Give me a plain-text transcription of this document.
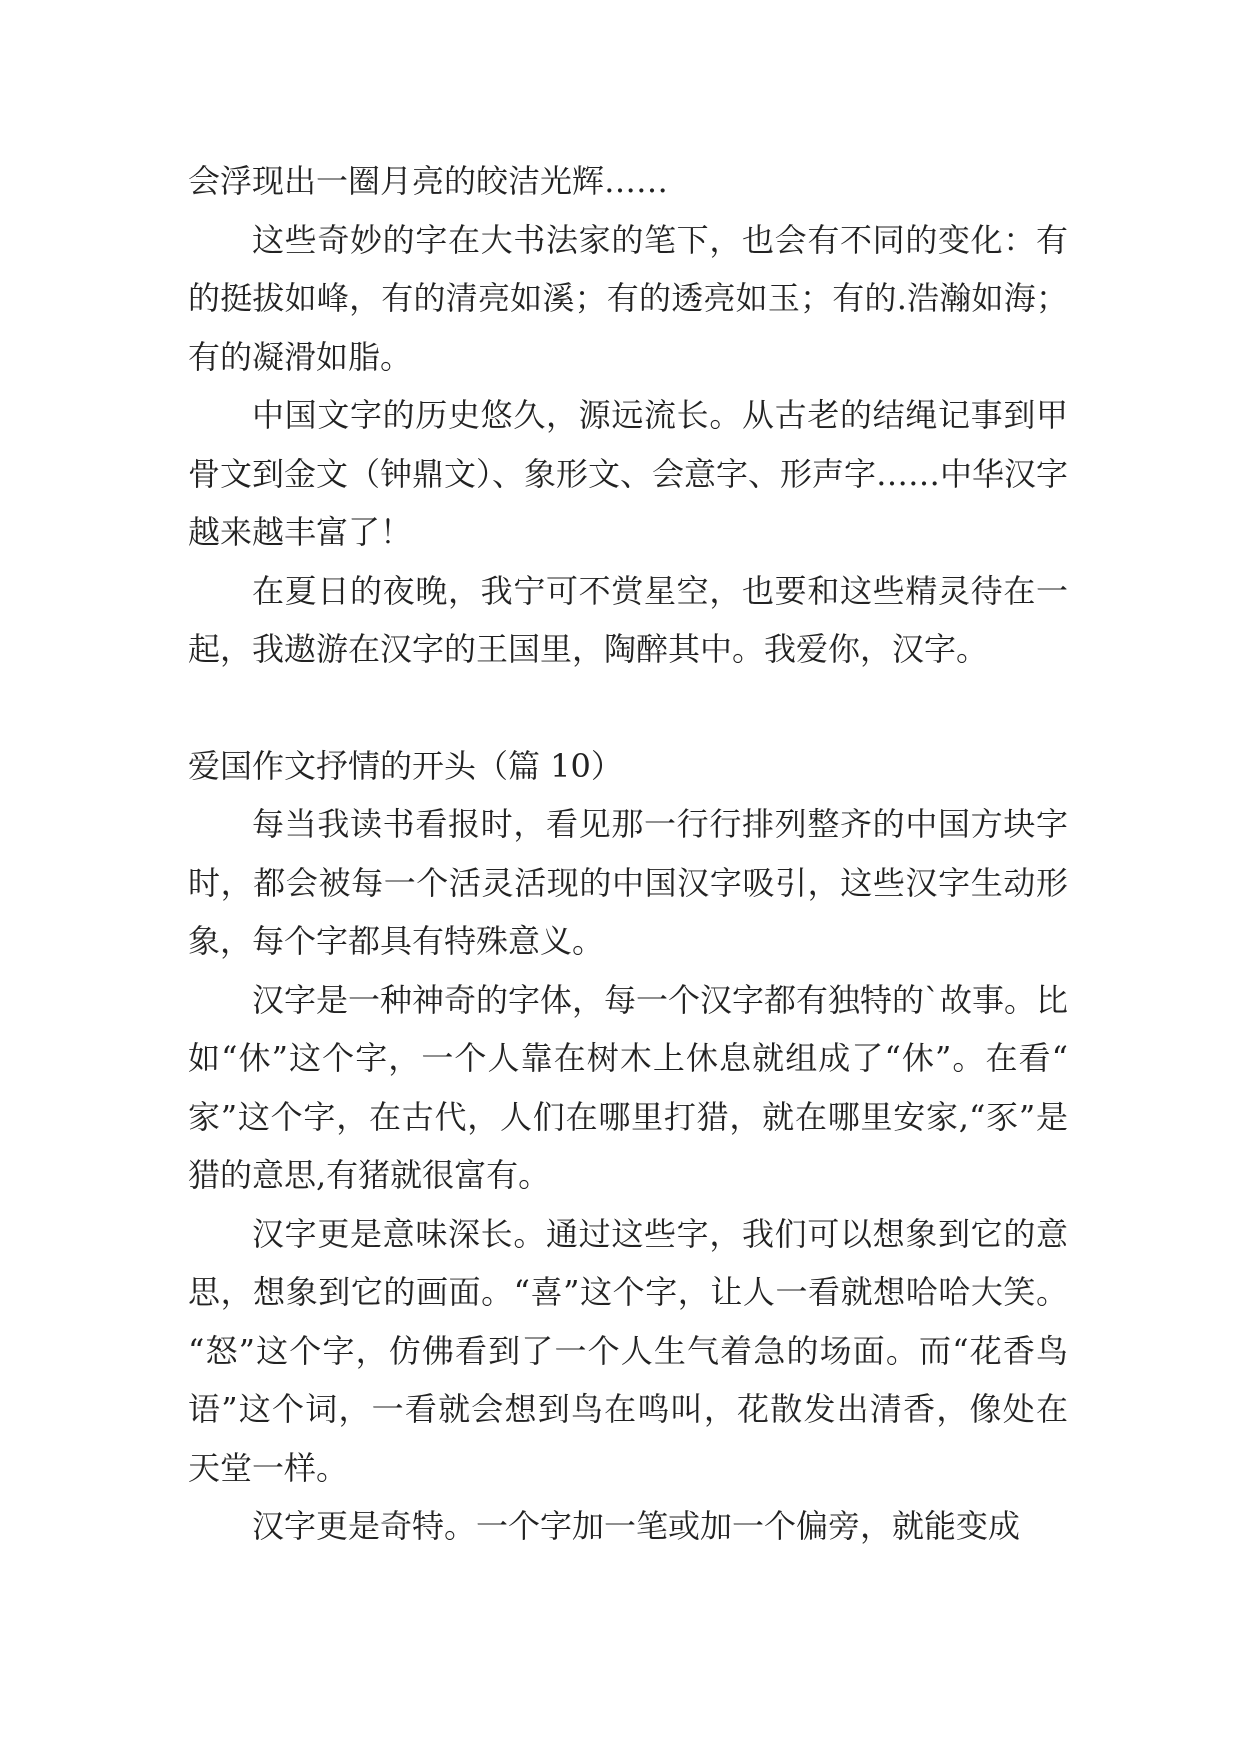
会浮现出一圈月亮的皎洁光辉……

这些奇妙的字在大书法家的笔下，也会有不同的变化：有的挺拔如峰，有的清亮如溪；有的透亮如玉；有的.浩瀚如海；有的凝滑如脂。

中国文字的历史悠久，源远流长。从古老的结绳记事到甲骨文到金文（钟鼎文）、象形文、会意字、形声字……中华汉字越来越丰富了！

在夏日的夜晚，我宁可不赏星空，也要和这些精灵待在一起，我遨游在汉字的王国里，陶醉其中。我爱你，汉字。

爱国作文抒情的开头（篇 10）

每当我读书看报时，看见那一行行排列整齐的中国方块字时，都会被每一个活灵活现的中国汉字吸引，这些汉字生动形象，每个字都具有特殊意义。

汉字是一种神奇的字体，每一个汉字都有独特的`故事。比如“休”这个字，一个人靠在树木上休息就组成了“休”。在看“家”这个字，在古代，人们在哪里打猎，就在哪里安家,“豕”是猎的意思,有猪就很富有。

汉字更是意味深长。通过这些字，我们可以想象到它的意思，想象到它的画面。“喜”这个字，让人一看就想哈哈大笑。“怒”这个字，仿佛看到了一个人生气着急的场面。而“花香鸟语”这个词，一看就会想到鸟在鸣叫，花散发出清香，像处在天堂一样。

汉字更是奇特。一个字加一笔或加一个偏旁，就能变成
